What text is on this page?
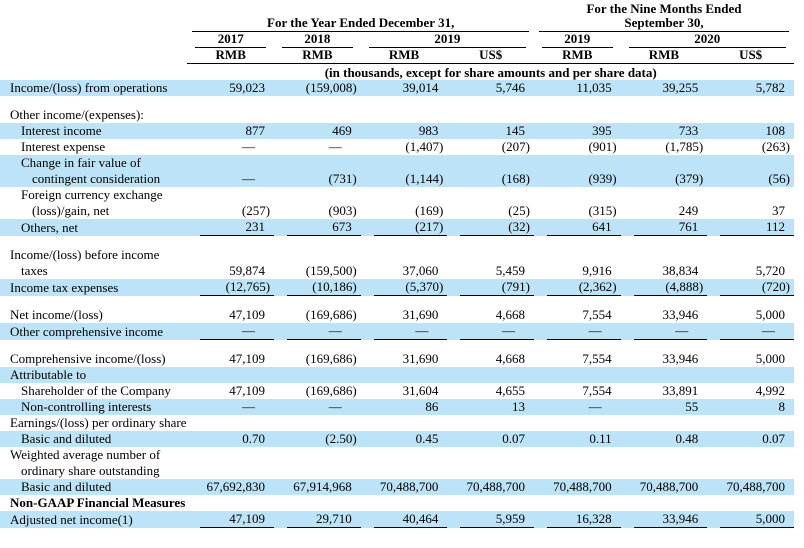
					For the Nine Months Ended		

	For the Year Ended December 31,				September 30,		

	2017	2018	2019		2019	2020	

	RMB	RMB	RMB	US$	RMB	RMB	US$
	(in thousands, except for share amounts and per share data)						

Income/(loss) from operations	59,023	(159,008)	39,014	5,746	11,035	39,255	5,782

Other income/(expenses):							

Interest income	877	469	983	145	395	733	108

Interest expense	—	—	(1,407)	(207)	(901)	(1,785)	(263)

Change in fair value of
contingent consideration	—	(731)	(1,144)	(168)	(939)	(379)	(56)

Foreign currency exchange
(loss)/gain, net	(257)	(903)	(169)	(25)	(315)	249	37

Others, net	231	673	(217)	(32)	641	761	112

Income/(loss) before income
taxes	59,874	(159,500)	37,060	5,459	9,916	38,834	5,720

Income tax expenses	(12,765)	(10,186)	(5,370)	(791)	(2,362)	(4,888)	(720)

Net income/(loss)	47,109	(169,686)	31,690	4,668	7,554	33,946	5,000

Other comprehensive income	—	—	—	—	—	—	—

Comprehensive income/(loss)	47,109	(169,686)	31,690	4,668	7,554	33,946	5,000

Attributable to							

Shareholder of the Company	47,109	(169,686)	31,604	4,655	7,554	33,891	4,992

Non-controlling interests	—	—	86	13	—	55	8

Earnings/(loss) per ordinary share							

Basic and diluted	0.70	(2.50)	0.45	0.07	0.11	0.48	0.07

Weighted average number of
ordinary share outstanding							

Basic and diluted	67,692,830	67,914,968	70,488,700	70,488,700	70,488,700	70,488,700	70,488,700

Non-GAAP Financial Measures							

Adjusted net income(1)	47,109	29,710	40,464	5,959	16,328	33,946	5,000
